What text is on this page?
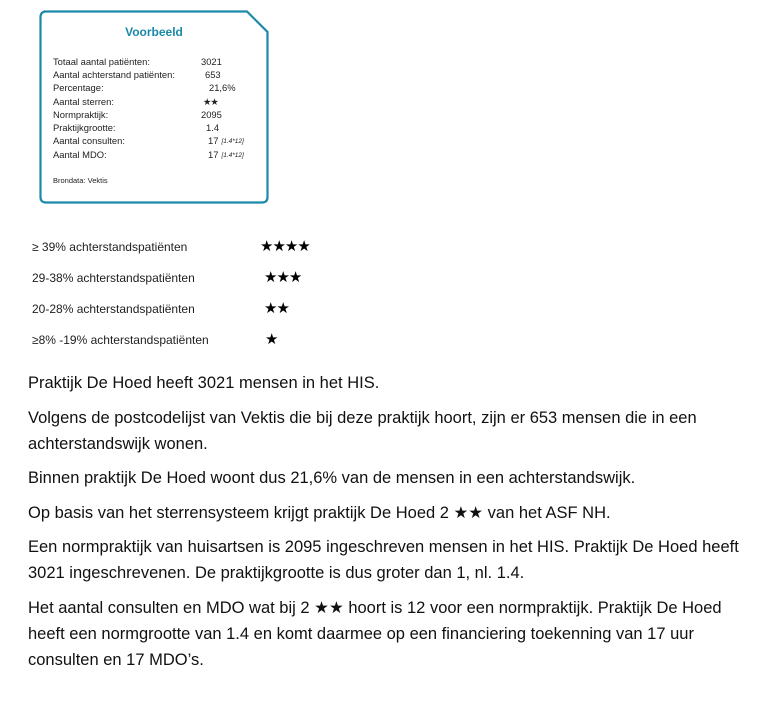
Voorbeeld
Totaal aantal patiënten:	3021
Aantal achterstand patiënten:	653
Percentage:	21,6%
Aantal sterren:	★★
Normpraktijk:	2095
Praktijkgrootte:	1.4
Aantal consulten:	17 [1.4*12]
Aantal MDO:	17 [1.4*12]
Brondata: Vektis
≥ 39% achterstandspatiënten	★★★★
29-38% achterstandspatiënten	★★★
20-28% achterstandspatiënten	★★
≥8% -19% achterstandspatiënten	★

Praktijk De Hoed heeft 3021 mensen in het HIS.

Volgens de postcodelijst van Vektis die bij deze praktijk hoort, zijn er 653 mensen die in een achterstandswijk wonen.

Binnen praktijk De Hoed woont dus 21,6% van de mensen in een achterstandswijk.

Op basis van het sterrensysteem krijgt praktijk De Hoed 2 ★★ van het ASF NH.

Een normpraktijk van huisartsen is 2095 ingeschreven mensen in het HIS. Praktijk De Hoed heeft 3021 ingeschrevenen. De praktijkgrootte is dus groter dan 1, nl. 1.4.

Het aantal consulten en MDO wat bij 2 ★★ hoort is 12 voor een normpraktijk. Praktijk De Hoed heeft een normgrootte van 1.4 en komt daarmee op een financiering toekenning van 17 uur consulten en 17 MDO’s.
